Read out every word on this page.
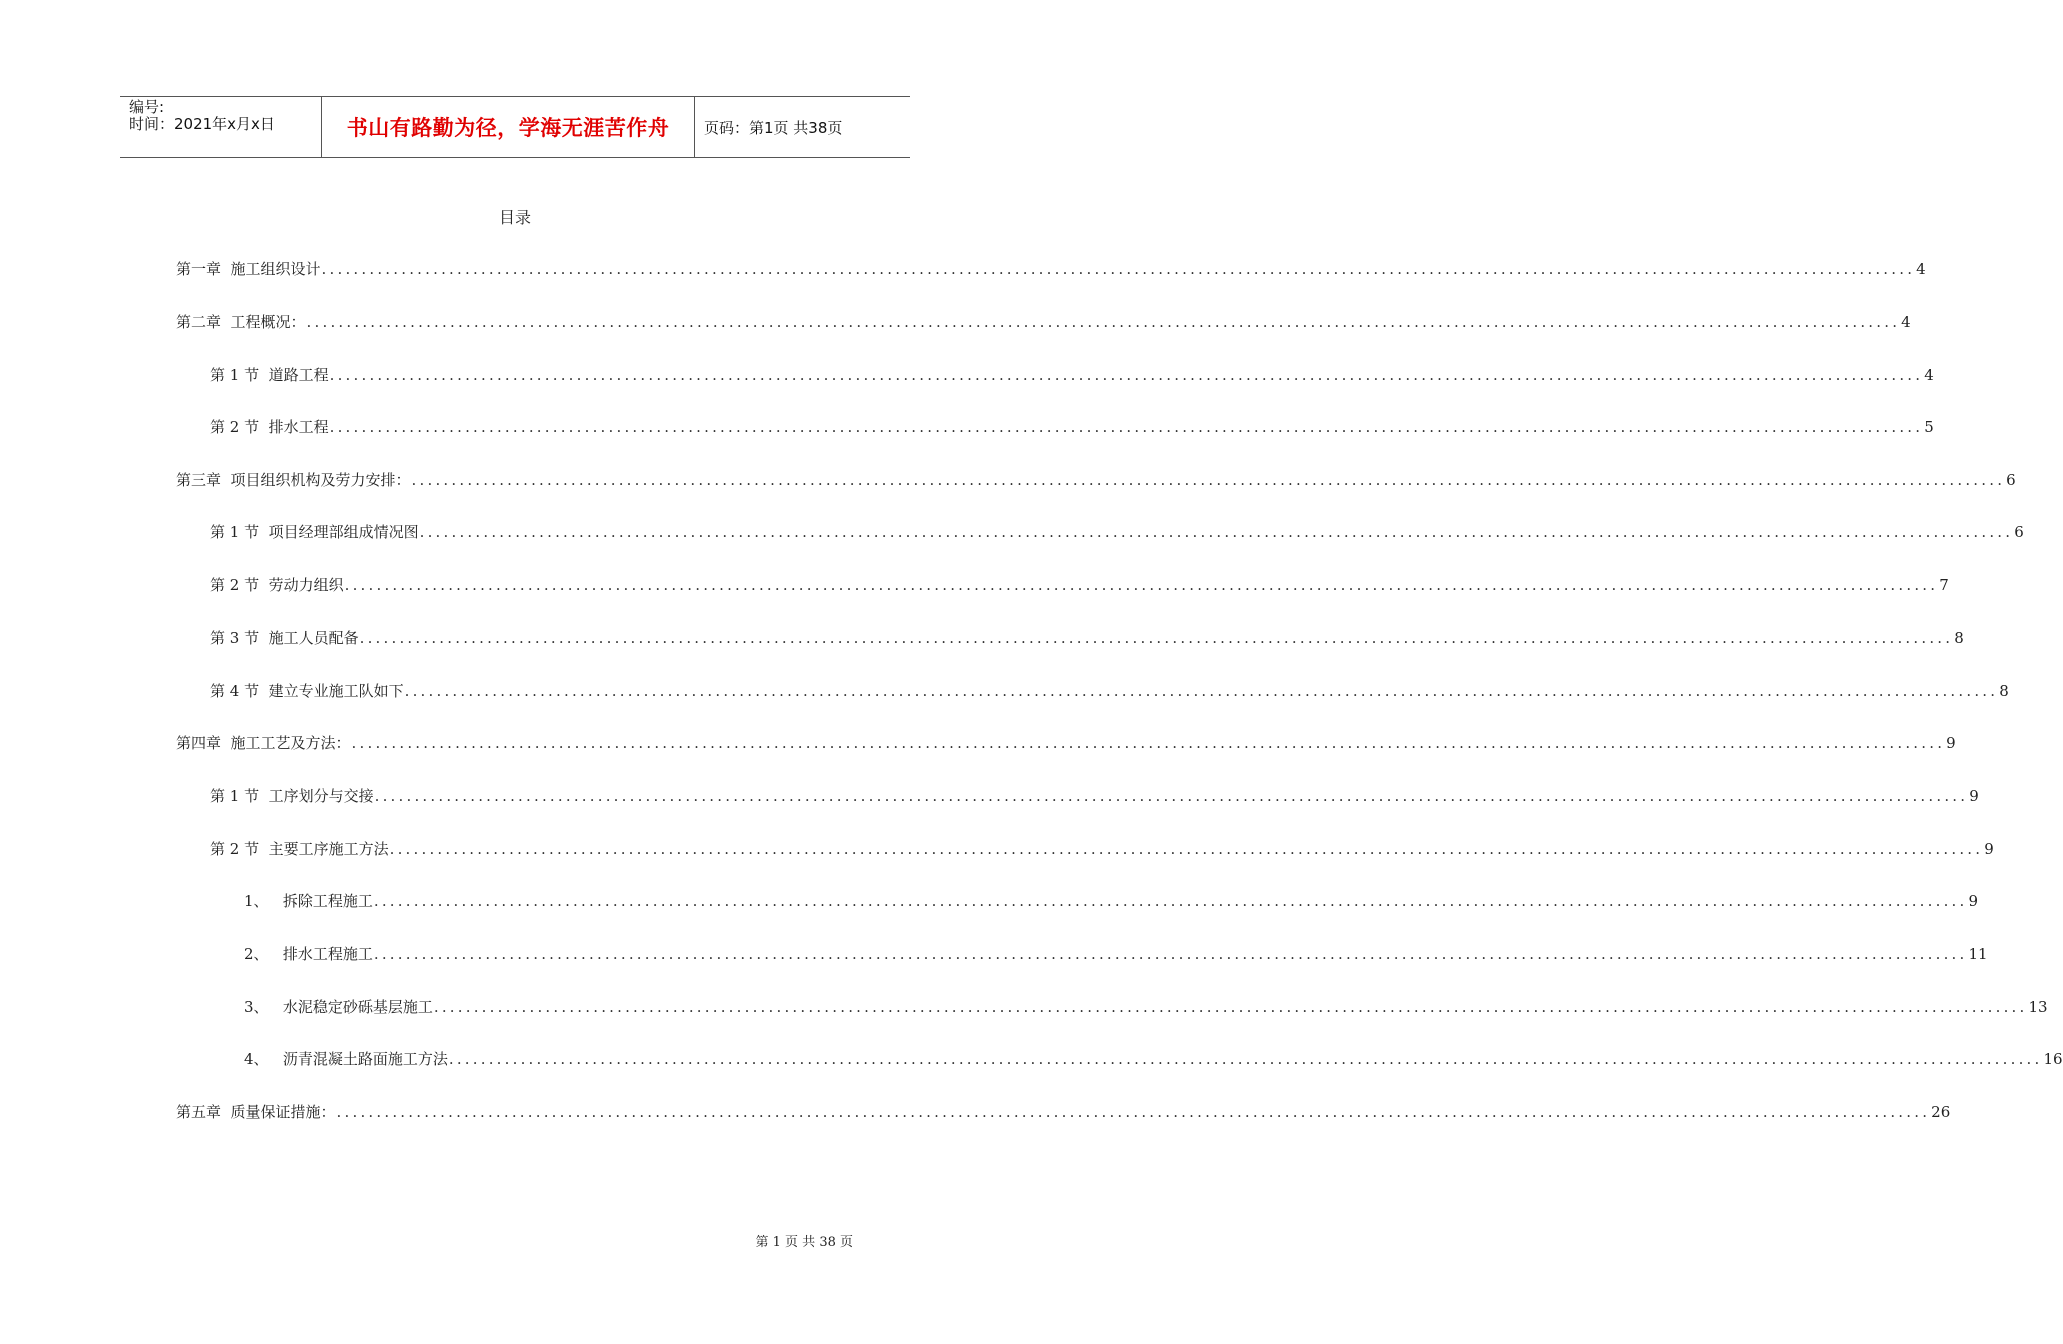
编号:
时间：2021年x月x日	书山有路勤为径，学海无涯苦作舟	页码：第1页 共38页
目录
第一章  施工组织设计 ........................................................................................................................................................................................................ 4
第二章  工程概况： ........................................................................................................................................................................................................ 4
第 1 节  道路工程 ........................................................................................................................................................................................................ 4
第 2 节  排水工程 ........................................................................................................................................................................................................ 5
第三章  项目组织机构及劳力安排： ........................................................................................................................................................................................................ 6
第 1 节  项目经理部组成情况图 ........................................................................................................................................................................................................ 6
第 2 节  劳动力组织 ........................................................................................................................................................................................................ 7
第 3 节  施工人员配备 ........................................................................................................................................................................................................ 8
第 4 节  建立专业施工队如下 ........................................................................................................................................................................................................ 8
第四章  施工工艺及方法： ........................................................................................................................................................................................................ 9
第 1 节  工序划分与交接 ........................................................................................................................................................................................................ 9
第 2 节  主要工序施工方法 ........................................................................................................................................................................................................ 9
1、   拆除工程施工 ........................................................................................................................................................................................................ 9
2、   排水工程施工 ........................................................................................................................................................................................................ 11
3、   水泥稳定砂砾基层施工 ........................................................................................................................................................................................................ 13
4、   沥青混凝土路面施工方法 ........................................................................................................................................................................................................ 16
第五章  质量保证措施： ........................................................................................................................................................................................................ 26
第 1 页 共 38 页
